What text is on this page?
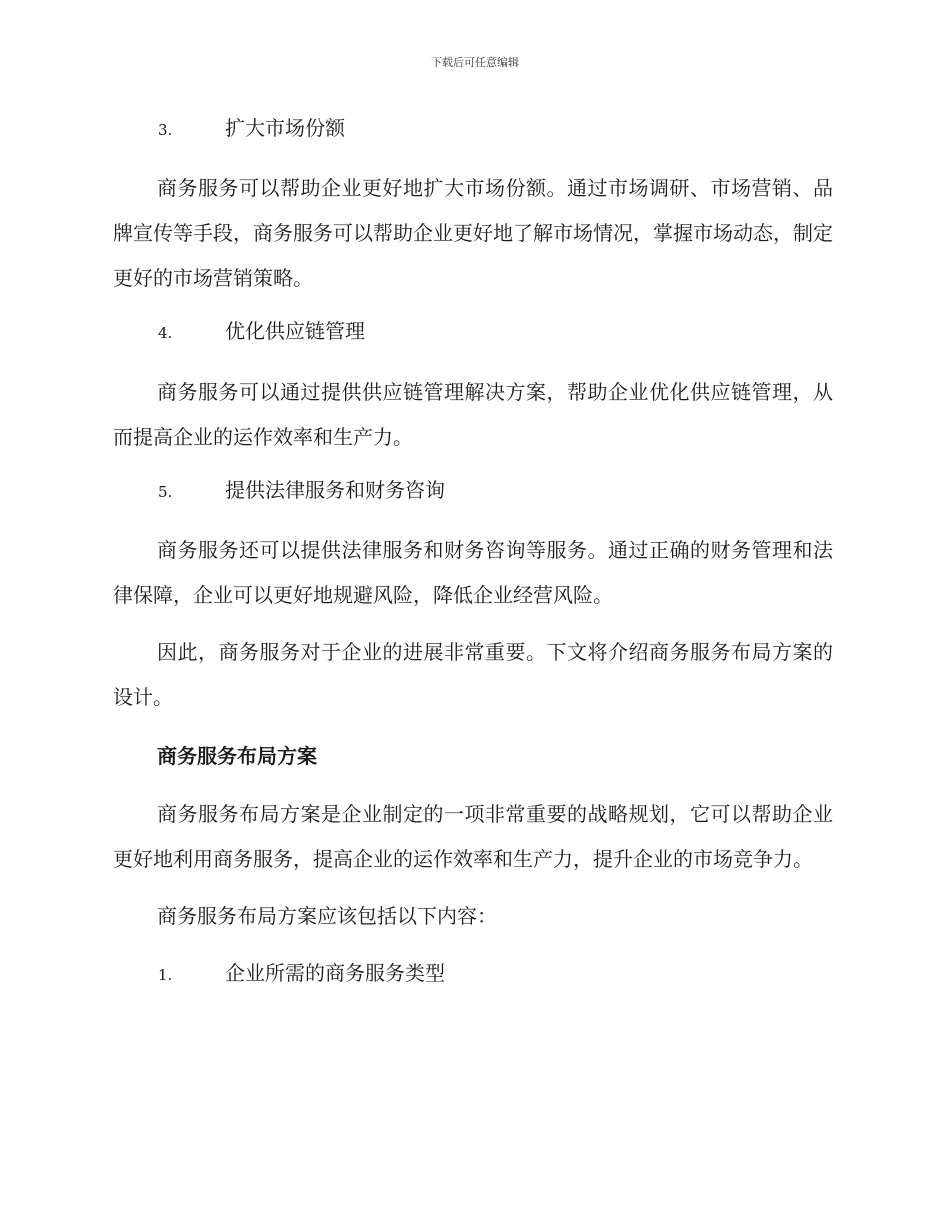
下载后可任意编辑
3.	扩大市场份额

商务服务可以帮助企业更好地扩大市场份额。通过市场调研、市场营销、品牌宣传等手段，商务服务可以帮助企业更好地了解市场情况，掌握市场动态，制定更好的市场营销策略。

4.	优化供应链管理

商务服务可以通过提供供应链管理解决方案，帮助企业优化供应链管理，从而提高企业的运作效率和生产力。

5.	提供法律服务和财务咨询

商务服务还可以提供法律服务和财务咨询等服务。通过正确的财务管理和法律保障，企业可以更好地规避风险，降低企业经营风险。

因此，商务服务对于企业的进展非常重要。下文将介绍商务服务布局方案的设计。

商务服务布局方案

商务服务布局方案是企业制定的一项非常重要的战略规划，它可以帮助企业更好地利用商务服务，提高企业的运作效率和生产力，提升企业的市场竞争力。

商务服务布局方案应该包括以下内容：

1.	企业所需的商务服务类型
